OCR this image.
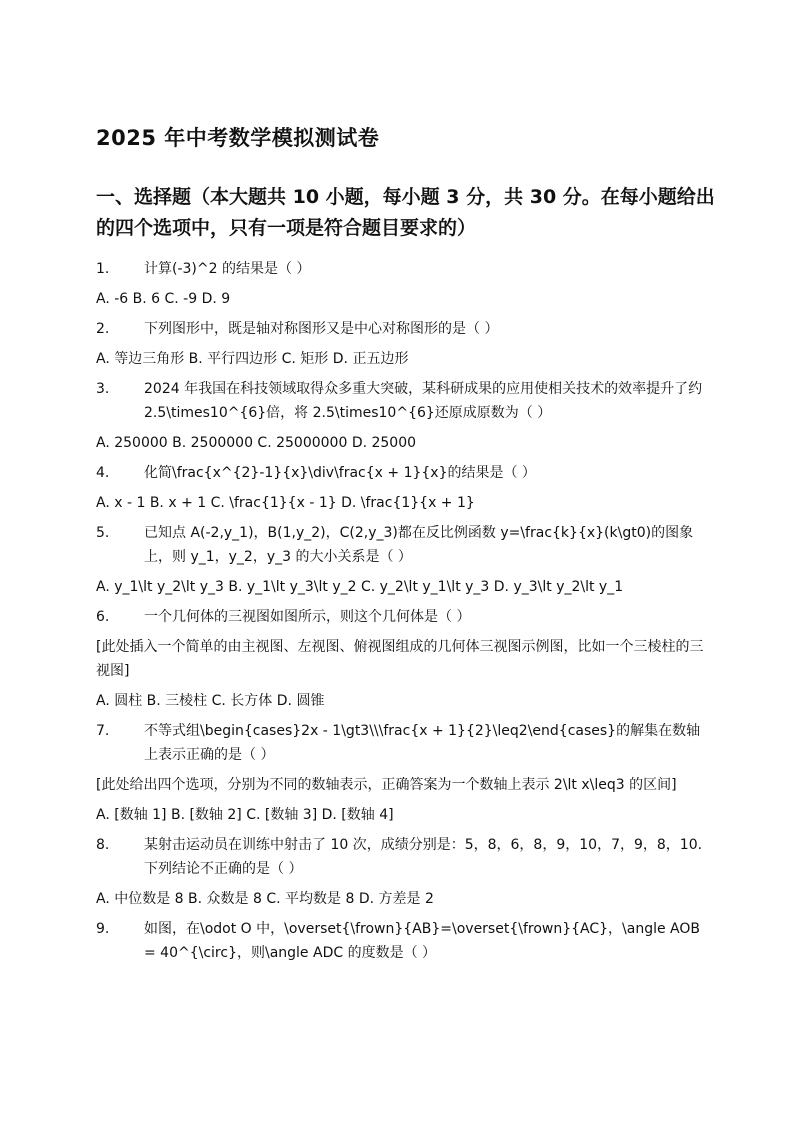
2025 年中考数学模拟测试卷
一、选择题（本大题共 10 小题，每小题 3 分，共 30 分。在每小题给出的四个选项中，只有一项是符合题目要求的）
1.	计算(-3)^2 的结果是（ ）
A. -6 B. 6 C. -9 D. 9
2.	下列图形中，既是轴对称图形又是中心对称图形的是（ ）
A. 等边三角形 B. 平行四边形 C. 矩形 D. 正五边形
3.	2024 年我国在科技领域取得众多重大突破，某科研成果的应用使相关技术的效率提升了约 2.5\times10^{6}倍，将 2.5\times10^{6}还原成原数为（ ）
A. 250000 B. 2500000 C. 25000000 D. 25000
4.	化简\frac{x^{2}-1}{x}\div\frac{x + 1}{x}的结果是（ ）
A. x - 1 B. x + 1 C. \frac{1}{x - 1} D. \frac{1}{x + 1}
5.	已知点 A(-2,y_1)，B(1,y_2)，C(2,y_3)都在反比例函数 y=\frac{k}{x}(k\gt0)的图象上，则 y_1，y_2，y_3 的大小关系是（ ）
A. y_1\lt y_2\lt y_3 B. y_1\lt y_3\lt y_2 C. y_2\lt y_1\lt y_3 D. y_3\lt y_2\lt y_1
6.	一个几何体的三视图如图所示，则这个几何体是（ ）
[此处插入一个简单的由主视图、左视图、俯视图组成的几何体三视图示例图，比如一个三棱柱的三视图]
A. 圆柱 B. 三棱柱 C. 长方体 D. 圆锥
7.	不等式组\begin{cases}2x - 1\gt3\\\frac{x + 1}{2}\leq2\end{cases}的解集在数轴上表示正确的是（ ）
[此处给出四个选项，分别为不同的数轴表示，正确答案为一个数轴上表示 2\lt x\leq3 的区间]
A. [数轴 1] B. [数轴 2] C. [数轴 3] D. [数轴 4]
8.	某射击运动员在训练中射击了 10 次，成绩分别是：5，8，6，8，9，10，7，9，8，10. 下列结论不正确的是（ ）
A. 中位数是 8 B. 众数是 8 C. 平均数是 8 D. 方差是 2
9.	如图，在\odot O 中，\overset{\frown}{AB}=\overset{\frown}{AC}，\angle AOB = 40^{\circ}，则\angle ADC 的度数是（ ）
